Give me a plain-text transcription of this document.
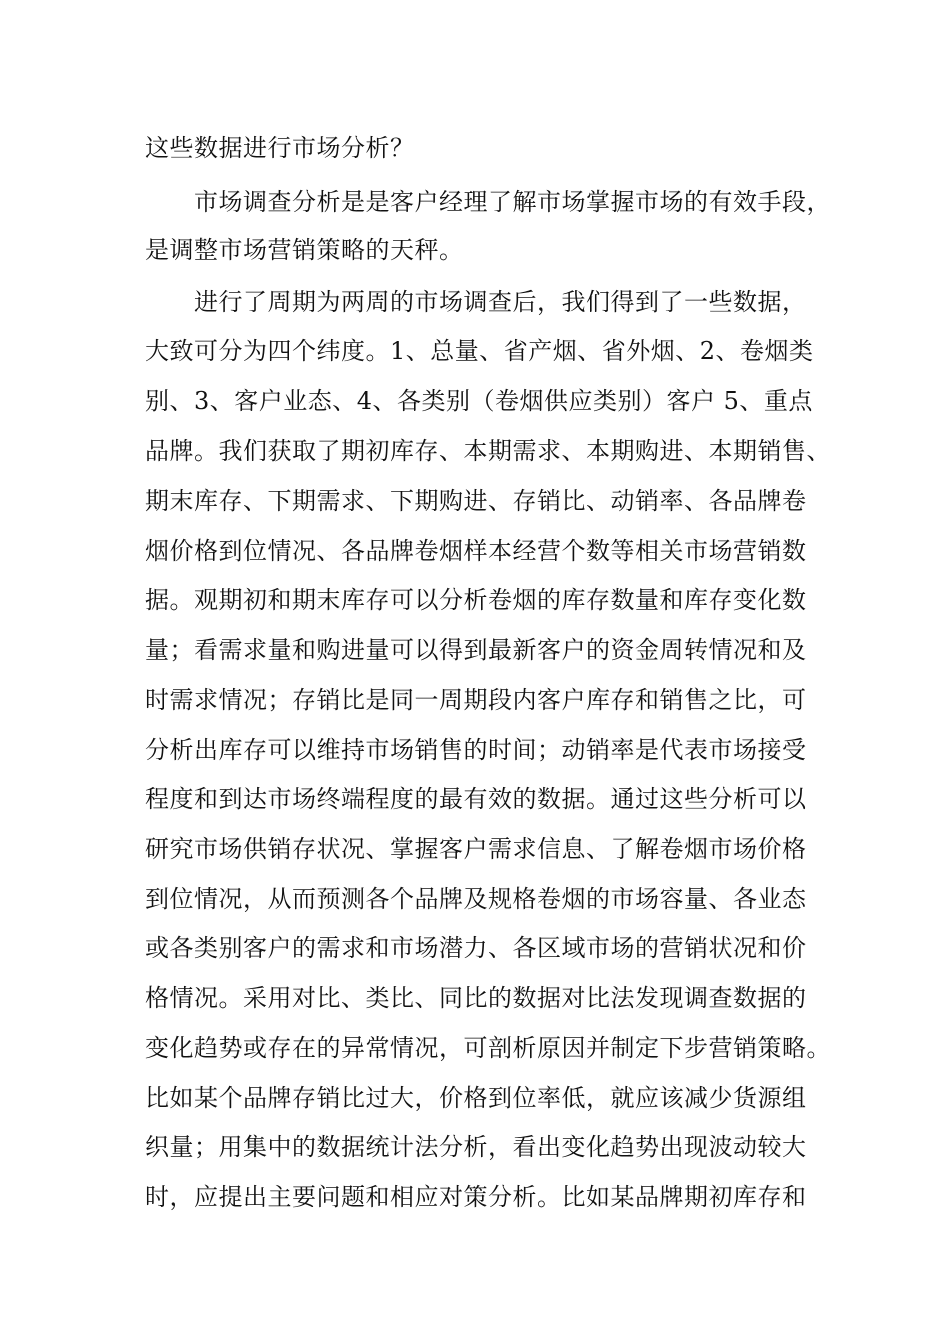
这些数据进行市场分析？
市场调查分析是是客户经理了解市场掌握市场的有效手段，
是调整市场营销策略的天秤。
进行了周期为两周的市场调查后，我们得到了一些数据，
大致可分为四个纬度。1、总量、省产烟、省外烟、2、卷烟类
别、3、客户业态、4、各类别（卷烟供应类别）客户 5、重点
品牌。我们获取了期初库存、本期需求、本期购进、本期销售、
期末库存、下期需求、下期购进、存销比、动销率、各品牌卷
烟价格到位情况、各品牌卷烟样本经营个数等相关市场营销数
据。观期初和期末库存可以分析卷烟的库存数量和库存变化数
量；看需求量和购进量可以得到最新客户的资金周转情况和及
时需求情况；存销比是同一周期段内客户库存和销售之比，可
分析出库存可以维持市场销售的时间；动销率是代表市场接受
程度和到达市场终端程度的最有效的数据。通过这些分析可以
研究市场供销存状况、掌握客户需求信息、了解卷烟市场价格
到位情况，从而预测各个品牌及规格卷烟的市场容量、各业态
或各类别客户的需求和市场潜力、各区域市场的营销状况和价
格情况。采用对比、类比、同比的数据对比法发现调查数据的
变化趋势或存在的异常情况，可剖析原因并制定下步营销策略。
比如某个品牌存销比过大，价格到位率低，就应该减少货源组
织量；用集中的数据统计法分析，看出变化趋势出现波动较大
时，应提出主要问题和相应对策分析。比如某品牌期初库存和
